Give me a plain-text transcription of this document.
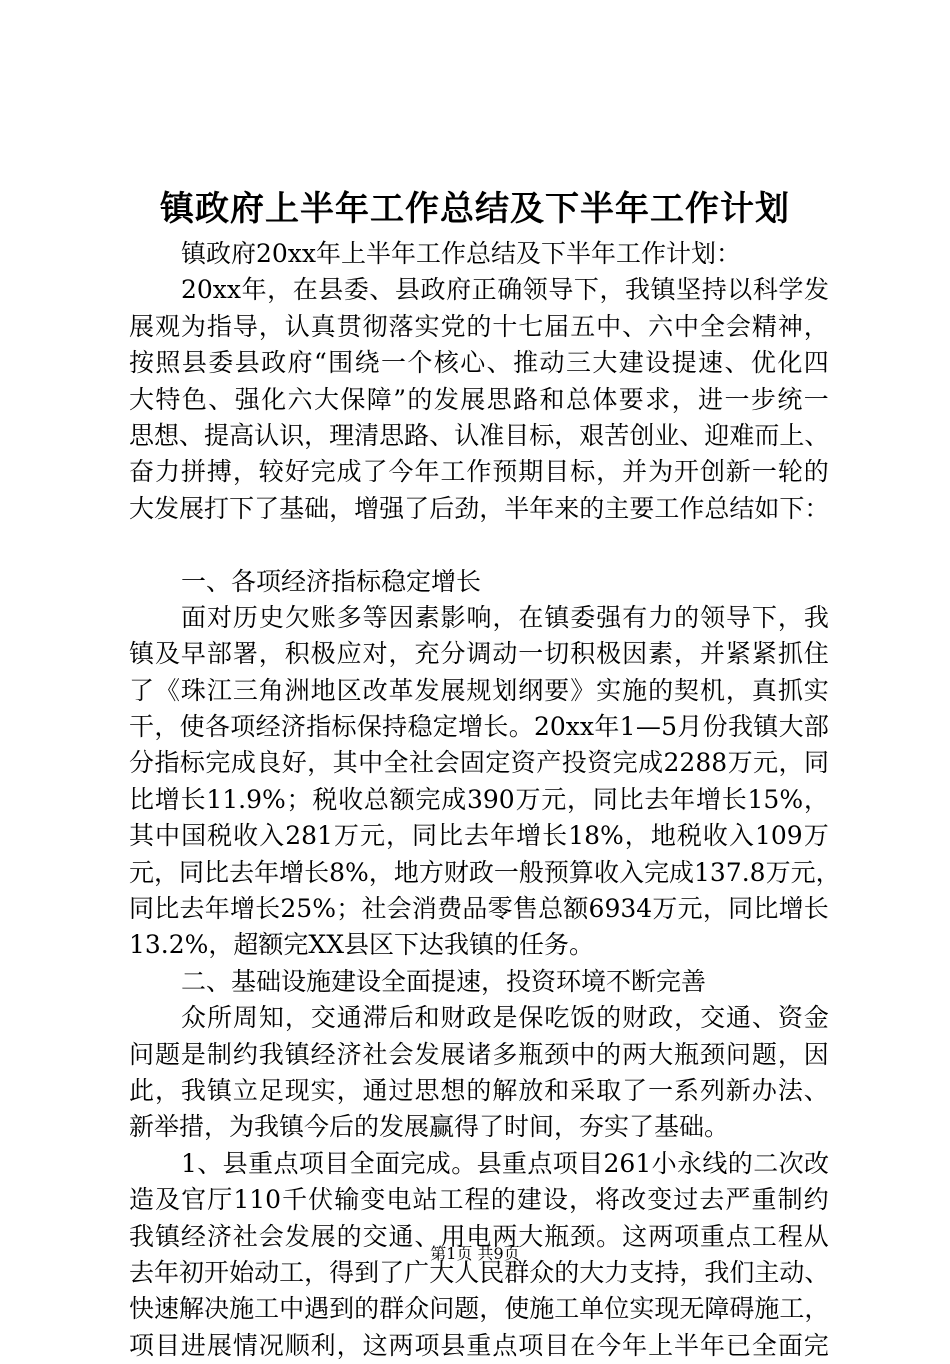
镇政府上半年工作总结及下半年工作计划
镇政府20xx年上半年工作总结及下半年工作计划：
20xx 年 ， 在 县 委 、 县 政 府 正 确 领 导 下 ， 我 镇 坚 持 以 科 学 发
展 观 为 指 导 ， 认 真 贯 彻 落 实 党 的 十 七 届 五 中 、 六 中 全 会 精 神 ，
按 照 县 委 县 政 府 “ 围 绕 一 个 核 心 、 推 动 三 大 建 设 提 速 、 优 化 四
大 特 色 、 强 化 六 大 保 障 ” 的 发 展 思 路 和 总 体 要 求 ， 进 一 步 统 一
思 想 、 提 高 认 识 ， 理 清 思 路 、 认 准 目 标 ， 艰 苦 创 业 、 迎 难 而 上 、
奋 力 拼 搏 ， 较 好 完 成 了 今 年 工 作 预 期 目 标 ， 并 为 开 创 新 一 轮 的
大 发 展 打 下 了 基 础 ， 增 强 了 后 劲 ， 半 年 来 的 主 要 工 作 总 结 如 下 ：
一、各项经济指标稳定增长
面 对 历 史 欠 账 多 等 因 素 影 响 ， 在 镇 委 强 有 力 的 领 导 下 ， 我
镇 及 早 部 署 ， 积 极 应 对 ， 充 分 调 动 一 切 积 极 因 素 ， 并 紧 紧 抓 住
了 《 珠 江 三 角 洲 地 区 改 革 发 展 规 划 纲 要 》 实 施 的 契 机 ， 真 抓 实
干 ， 使 各 项 经 济 指 标 保 持 稳 定 增 长 。 20xx 年 1 — 5 月 份 我 镇 大 部
分 指 标 完 成 良 好 ， 其 中 全 社 会 固 定 资 产 投 资 完 成 2288 万 元 ， 同
比 增 长 11.9% ； 税 收 总 额 完 成 390 万 元 ， 同 比 去 年 增 长 15% ，
其 中 国 税 收 入 281 万 元 ， 同 比 去 年 增 长 18% ， 地 税 收 入 109 万
元 ， 同 比 去 年 增 长 8% ， 地 方 财 政 一 般 预 算 收 入 完 成 137.8 万 元 ，
同 比 去 年 增 长 25% ； 社 会 消 费 品 零 售 总 额 6934 万 元 ， 同 比 增 长
13.2%，超额完XX县区下达我镇的任务。
二、基础设施建设全面提速，投资环境不断完善
众 所 周 知 ， 交 通 滞 后 和 财 政 是 保 吃 饭 的 财 政 ， 交 通 、 资 金
问 题 是 制 约 我 镇 经 济 社 会 发 展 诸 多 瓶 颈 中 的 两 大 瓶 颈 问 题 ， 因
此 ， 我 镇 立 足 现 实 ， 通 过 思 想 的 解 放 和 采 取 了 一 系 列 新 办 法 、
新举措，为我镇今后的发展赢得了时间，夯实了基础。
1 、 县 重 点 项 目 全 面 完 成 。 县 重 点 项 目 261 小 永 线 的 二 次 改
造 及 官 厅 110 千 伏 输 变 电 站 工 程 的 建 设 ， 将 改 变 过 去 严 重 制 约
我 镇 经 济 社 会 发 展 的 交 通 、 用 电 两 大 瓶 颈 。 这 两 项 重 点 工 程 从
去 年 初 开 始 动 工 ， 得 到 了 广 大 人 民 群 众 的 大 力 支 持 ， 我 们 主 动 、
快 速 解 决 施 工 中 遇 到 的 群 众 问 题 ， 使 施 工 单 位 实 现 无 障 碍 施 工 ，
项 目 进 展 情 况 顺 利 ， 这 两 项 县 重 点 项 目 在 今 年 上 半 年 已 全 面 完
第1页 共9页
